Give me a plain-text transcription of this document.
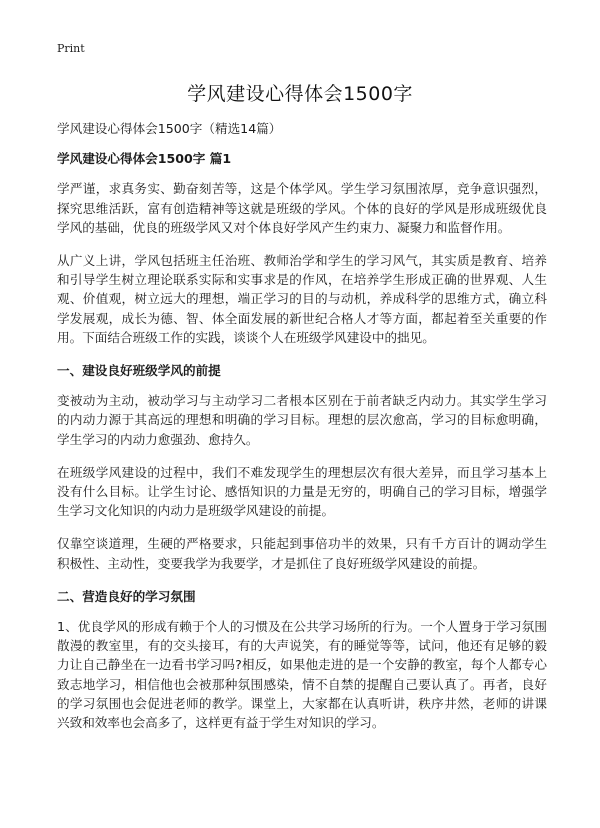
Print
学风建设心得体会1500字

学风建设心得体会1500字（精选14篇）

学风建设心得体会1500字 篇1

学严谨，求真务实、勤奋刻苦等，这是个体学风。学生学习氛围浓厚，竞争意识强烈，探究思维活跃，富有创造精神等这就是班级的学风。个体的良好的学风是形成班级优良学风的基础，优良的班级学风又对个体良好学风产生约束力、凝聚力和监督作用。

从广义上讲，学风包括班主任治班、教师治学和学生的学习风气，其实质是教育、培养和引导学生树立理论联系实际和实事求是的作风，在培养学生形成正确的世界观、人生观、价值观，树立远大的理想，端正学习的目的与动机，养成科学的思维方式，确立科学发展观，成长为德、智、体全面发展的新世纪合格人才等方面，都起着至关重要的作用。下面结合班级工作的实践，谈谈个人在班级学风建设中的拙见。

一、建设良好班级学风的前提

变被动为主动，被动学习与主动学习二者根本区别在于前者缺乏内动力。其实学生学习的内动力源于其高远的理想和明确的学习目标。理想的层次愈高，学习的目标愈明确，学生学习的内动力愈强劲、愈持久。

在班级学风建设的过程中，我们不难发现学生的理想层次有很大差异，而且学习基本上没有什么目标。让学生讨论、感悟知识的力量是无穷的，明确自己的学习目标，增强学生学习文化知识的内动力是班级学风建设的前提。

仅靠空谈道理，生硬的严格要求，只能起到事倍功半的效果，只有千方百计的调动学生积极性、主动性，变要我学为我要学，才是抓住了良好班级学风建设的前提。

二、营造良好的学习氛围

1、优良学风的形成有赖于个人的习惯及在公共学习场所的行为。一个人置身于学习氛围散漫的教室里，有的交头接耳，有的大声说笑，有的睡觉等等，试问，他还有足够的毅力让自己静坐在一边看书学习吗?相反，如果他走进的是一个安静的教室，每个人都专心致志地学习，相信他也会被那种氛围感染，情不自禁的提醒自己要认真了。再者，良好的学习氛围也会促进老师的教学。课堂上，大家都在认真听讲，秩序井然，老师的讲课兴致和效率也会高多了，这样更有益于学生对知识的学习。
